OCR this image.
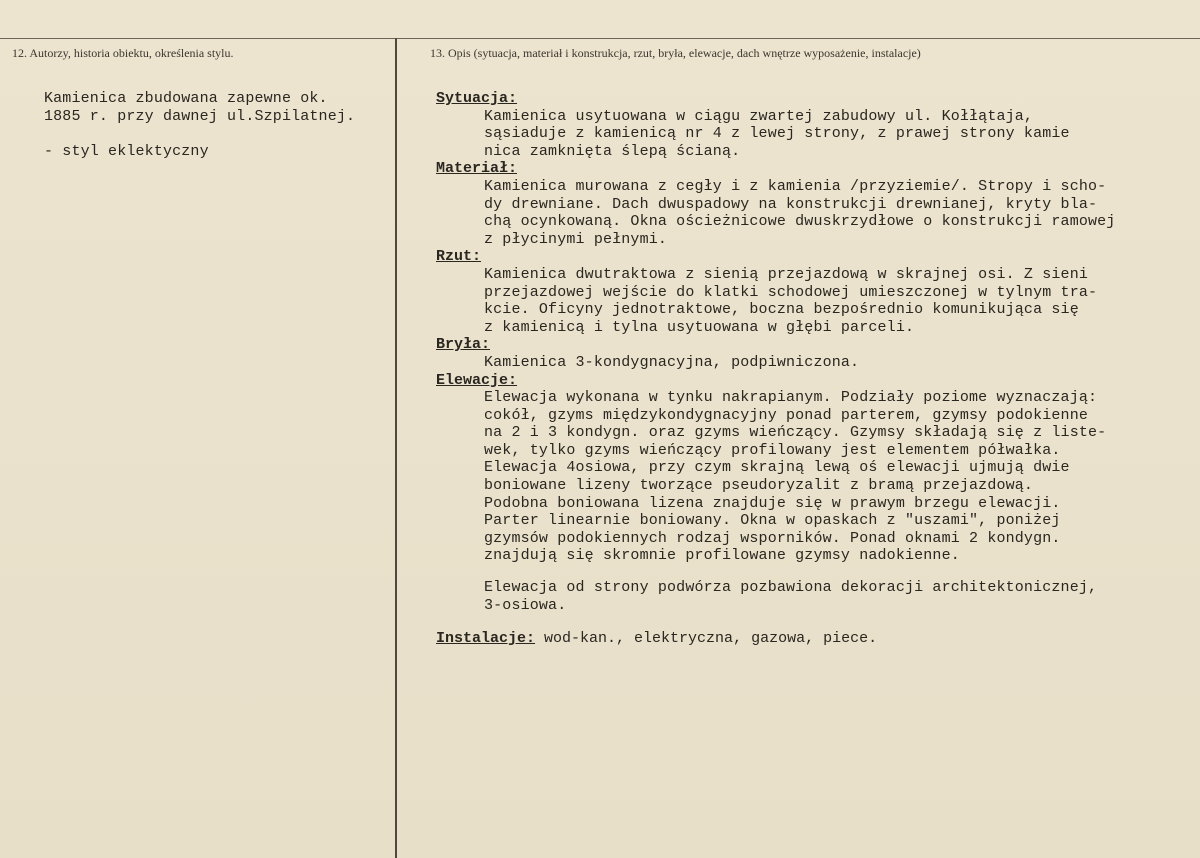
12. Autorzy, historia obiektu, określenia stylu.	13. Opis (sytuacja, materiał i konstrukcja, rzut, bryła, elewacje, dach wnętrze wyposażenie, instalacje)

Kamienica zbudowana zapewne ok.

1885 r. przy dawnej ul.Szpilatnej.

- styl eklektyczny

Sytuacja:

Kamienica usytuowana w ciągu zwartej zabudowy ul. Kołłątaja,

sąsiaduje z kamienicą nr 4 z lewej strony, z prawej strony kamie

nica zamknięta ślepą ścianą.

Materiał:

Kamienica murowana z cegły i z kamienia /przyziemie/. Stropy i scho-

dy drewniane. Dach dwuspadowy na konstrukcji drewnianej, kryty bla-

chą ocynkowaną. Okna ościeżnicowe dwuskrzydłowe o konstrukcji ramowej

z płycinymi pełnymi.

Rzut:

Kamienica dwutraktowa z sienią przejazdową w skrajnej osi. Z sieni

przejazdowej wejście do klatki schodowej umieszczonej w tylnym tra-

kcie. Oficyny jednotraktowe, boczna bezpośrednio komunikująca się

z kamienicą i tylna usytuowana w głębi parceli.

Bryła:

Kamienica 3-kondygnacyjna, podpiwniczona.

Elewacje:

Elewacja wykonana w tynku nakrapianym. Podziały poziome wyznaczają:

cokół, gzyms międzykondygnacyjny ponad parterem, gzymsy podokienne

na 2 i 3 kondygn. oraz gzyms wieńczący. Gzymsy składają się z liste-

wek, tylko gzyms wieńczący profilowany jest elementem półwałka.

Elewacja 4osiowa, przy czym skrajną lewą oś elewacji ujmują dwie

boniowane lizeny tworzące pseudoryzalit z bramą przejazdową.

Podobna boniowana lizena znajduje się w prawym brzegu elewacji.

Parter linearnie boniowany. Okna w opaskach z "uszami", poniżej

gzymsów podokiennych rodzaj wsporników. Ponad oknami 2 kondygn.

znajdują się skromnie profilowane gzymsy nadokienne.

Elewacja od strony podwórza pozbawiona dekoracji architektonicznej,

3-osiowa.

Instalacje: wod-kan., elektryczna, gazowa, piece.
